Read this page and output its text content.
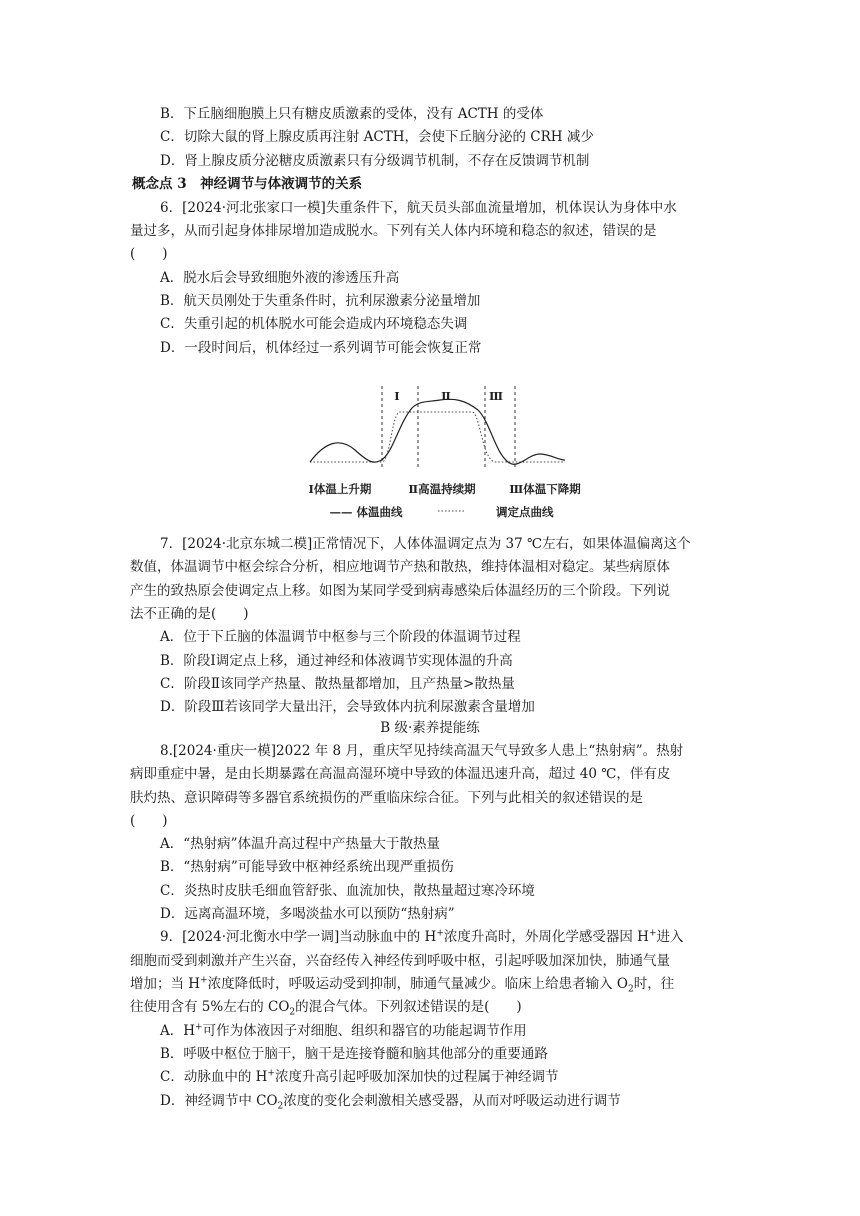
B．下丘脑细胞膜上只有糖皮质激素的受体，没有 ACTH 的受体
C．切除大鼠的肾上腺皮质再注射 ACTH，会使下丘脑分泌的 CRH 减少
D．肾上腺皮质分泌糖皮质激素只有分级调节机制，不存在反馈调节机制
概念点 3　神经调节与体液调节的关系
6．[2024·河北张家口一模]失重条件下，航天员头部血流量增加，机体误认为身体中水
量过多，从而引起身体排尿增加造成脱水。下列有关人体内环境和稳态的叙述，错误的是
(　　)
A．脱水后会导致细胞外液的渗透压升高
B．航天员刚处于失重条件时，抗利尿激素分泌量增加
C．失重引起的机体脱水可能会造成内环境稳态失调
D．一段时间后，机体经过一系列调节可能会恢复正常
Ⅰ	Ⅱ	Ⅲ
Ⅰ体温上升期	Ⅱ高温持续期	Ⅲ体温下降期
—— 体温曲线	调定点曲线
7．[2024·北京东城二模]正常情况下，人体体温调定点为 37 ℃左右，如果体温偏离这个
数值，体温调节中枢会综合分析，相应地调节产热和散热，维持体温相对稳定。某些病原体
产生的致热原会使调定点上移。如图为某同学受到病毒感染后体温经历的三个阶段。下列说
法不正确的是(　　)
A．位于下丘脑的体温调节中枢参与三个阶段的体温调节过程
B．阶段Ⅰ调定点上移，通过神经和体液调节实现体温的升高
C．阶段Ⅱ该同学产热量、散热量都增加，且产热量>散热量
D．阶段Ⅲ若该同学大量出汗，会导致体内抗利尿激素含量增加
B 级·素养提能练
8.[2024·重庆一模]2022 年 8 月，重庆罕见持续高温天气导致多人患上“热射病”。热射
病即重症中暑，是由长期暴露在高温高湿环境中导致的体温迅速升高，超过 40 ℃，伴有皮
肤灼热、意识障碍等多器官系统损伤的严重临床综合征。下列与此相关的叙述错误的是
(　　)
A．“热射病”体温升高过程中产热量大于散热量
B．“热射病”可能导致中枢神经系统出现严重损伤
C．炎热时皮肤毛细血管舒张、血流加快，散热量超过寒冷环境
D．远离高温环境，多喝淡盐水可以预防“热射病”
9．[2024·河北衡水中学一调]当动脉血中的 H+浓度升高时，外周化学感受器因 H+进入
细胞而受到刺激并产生兴奋，兴奋经传入神经传到呼吸中枢，引起呼吸加深加快，肺通气量
增加；当 H+浓度降低时，呼吸运动受到抑制，肺通气量减少。临床上给患者输入 $O_2$时，往
往使用含有 5%左右的 $CO_2$的混合气体。下列叙述错误的是(　　)
A．H+可作为体液因子对细胞、组织和器官的功能起调节作用
B．呼吸中枢位于脑干，脑干是连接脊髓和脑其他部分的重要通路
C．动脉血中的 H+浓度升高引起呼吸加深加快的过程属于神经调节
D．神经调节中 $CO_2$浓度的变化会刺激相关感受器，从而对呼吸运动进行调节
